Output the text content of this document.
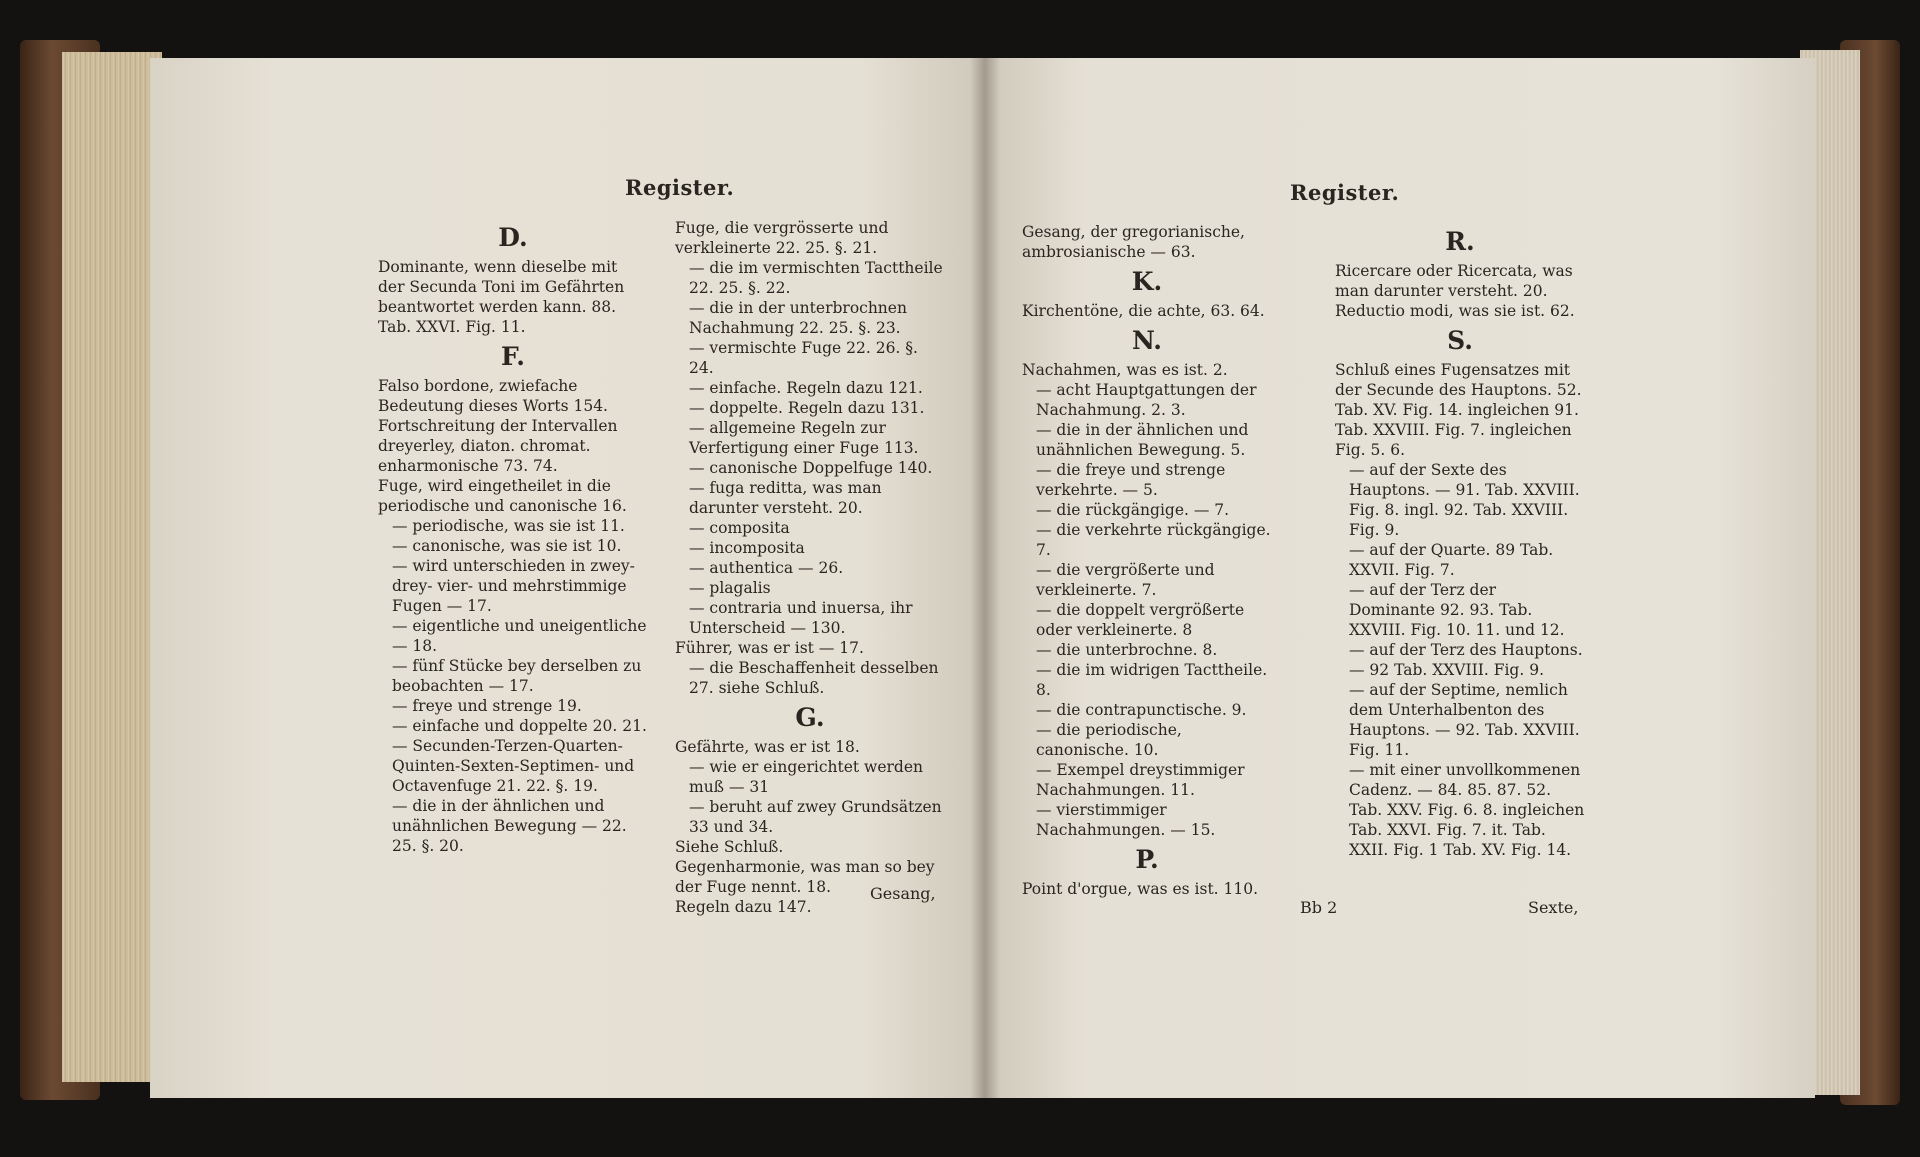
Register.
D.
Dominante, wenn dieselbe mit der Secunda Toni im Gefährten beantwortet werden kann. 88. Tab. XXVI. Fig. 11.
F.
Falso bordone, zwiefache Bedeutung dieses Worts 154.
Fortschreitung der Intervallen dreyerley, diaton. chromat. enharmonische 73. 74.
Fuge, wird eingetheilet in die periodische und canonische 16.
— periodische, was sie ist 11.
— canonische, was sie ist 10.
— wird unterschieden in zwey- drey- vier- und mehrstimmige Fugen — 17.
— eigentliche und uneigentliche — 18.
— fünf Stücke bey derselben zu beobachten — 17.
— freye und strenge 19.
— einfache und doppelte 20. 21.
— Secunden-Terzen-Quarten-Quinten-Sexten-Septimen- und Octavenfuge 21. 22. §. 19.
— die in der ähnlichen und unähnlichen Bewegung — 22. 25. §. 20.
Fuge, die vergrösserte und verkleinerte 22. 25. §. 21.
— die im vermischten Tacttheile 22. 25. §. 22.
— die in der unterbrochnen Nachahmung 22. 25. §. 23.
— vermischte Fuge 22. 26. §. 24.
— einfache. Regeln dazu 121.
— doppelte. Regeln dazu 131.
— allgemeine Regeln zur Verfertigung einer Fuge 113.
— canonische Doppelfuge 140.
— fuga reditta, was man darunter versteht. 20.
— composita
— incomposita
— authentica — 26.
— plagalis
— contraria und inuersa, ihr Unterscheid — 130.
Führer, was er ist — 17.
— die Beschaffenheit desselben 27. siehe Schluß.
G.
Gefährte, was er ist 18.
— wie er eingerichtet werden muß — 31
— beruht auf zwey Grundsätzen 33 und 34.
Siehe Schluß.
Gegenharmonie, was man so bey der Fuge nennt. 18.
Regeln dazu 147.
Gesang,
Register.
Gesang, der gregorianische, ambrosianische — 63.
K.
Kirchentöne, die achte, 63. 64.
N.
Nachahmen, was es ist. 2.
— acht Hauptgattungen der Nachahmung. 2. 3.
— die in der ähnlichen und unähnlichen Bewegung. 5.
— die freye und strenge verkehrte. — 5.
— die rückgängige. — 7.
— die verkehrte rückgängige. 7.
— die vergrößerte und verkleinerte. 7.
— die doppelt vergrößerte oder verkleinerte. 8
— die unterbrochne. 8.
— die im widrigen Tacttheile. 8.
— die contrapunctische. 9.
— die periodische, canonische. 10.
— Exempel dreystimmiger Nachahmungen. 11.
— vierstimmiger Nachahmungen. — 15.
P.
Point d'orgue, was es ist. 110.
R.
Ricercare oder Ricercata, was man darunter versteht. 20.
Reductio modi, was sie ist. 62.
S.
Schluß eines Fugensatzes mit der Secunde des Hauptons. 52. Tab. XV. Fig. 14. ingleichen 91. Tab. XXVIII. Fig. 7. ingleichen Fig. 5. 6.
— auf der Sexte des Hauptons. — 91. Tab. XXVIII. Fig. 8. ingl. 92. Tab. XXVIII. Fig. 9.
— auf der Quarte. 89 Tab. XXVII. Fig. 7.
— auf der Terz der Dominante 92. 93. Tab. XXVIII. Fig. 10. 11. und 12.
— auf der Terz des Hauptons. — 92 Tab. XXVIII. Fig. 9.
— auf der Septime, nemlich dem Unterhalbenton des Hauptons. — 92. Tab. XXVIII. Fig. 11.
— mit einer unvollkommenen Cadenz. — 84. 85. 87. 52. Tab. XXV. Fig. 6. 8. ingleichen Tab. XXVI. Fig. 7. it. Tab. XXII. Fig. 1 Tab. XV. Fig. 14.
Bb 2	Sexte,
